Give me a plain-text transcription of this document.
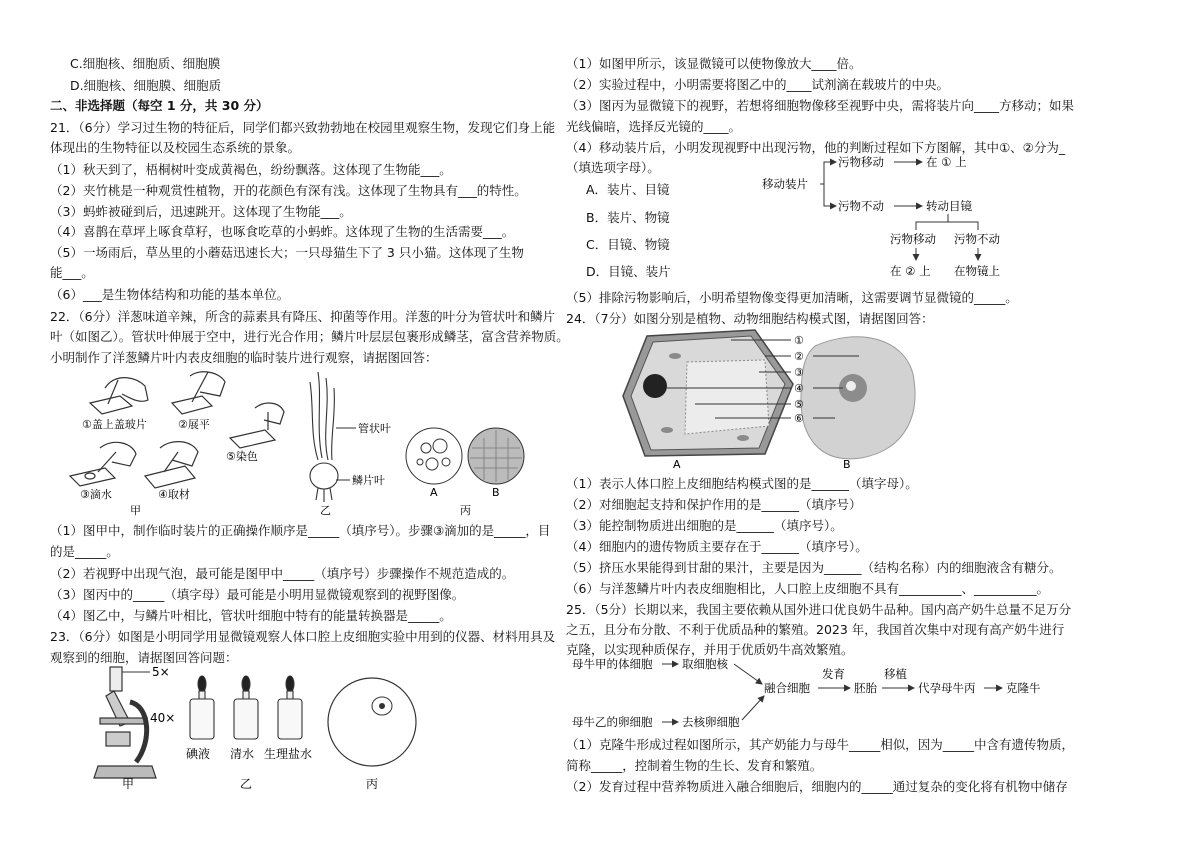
C.细胞核、细胞质、细胞膜
D.细胞核、细胞膜、细胞质
二、非选择题（每空 1 分，共 30 分）
21．（6分）学习过生物的特征后，同学们都兴致勃勃地在校园里观察生物，发现它们身上能
体现出的生物特征以及校园生态系统的景象。
（1）秋天到了，梧桐树叶变成黄褐色，纷纷飘落。这体现了生物能___。
（2）夹竹桃是一种观赏性植物，开的花颜色有深有浅。这体现了生物具有___的特性。
（3）蚂蚱被碰到后，迅速跳开。这体现了生物能___。
（4）喜鹊在草坪上啄食草籽，也啄食吃草的小蚂蚱。这体现了生物的生活需要___。
（5）一场雨后，草丛里的小蘑菇迅速长大；一只母猫生下了 3 只小猫。这体现了生物
能___。
（6）___是生物体结构和功能的基本单位。
22．（6分）洋葱味道辛辣，所含的蒜素具有降压、抑菌等作用。洋葱的叶分为管状叶和鳞片
叶（如图乙）。管状叶伸展于空中，进行光合作用；鳞片叶层层包裹形成鳞茎，富含营养物质。
小明制作了洋葱鳞片叶内表皮细胞的临时装片进行观察，请据图回答：
①盖上盖玻片	②展平
⑤染色
③滴水	④取材
甲
管状叶
鳞片叶
乙
A	B
丙
（1）图甲中，制作临时装片的正确操作顺序是_____（填序号）。步骤③滴加的是_____，目
的是_____。
（2）若视野中出现气泡，最可能是图甲中_____（填序号）步骤操作不规范造成的。
（3）图丙中的_____（填字母）最可能是小明用显微镜观察到的视野图像。
（4）图乙中，与鳞片叶相比，管状叶细胞中特有的能量转换器是_____。
23．（6分）如图是小明同学用显微镜观察人体口腔上皮细胞实验中用到的仪器、材料用具及
观察到的细胞，请据图回答问题：
5×
40×
碘液 清水 生理盐水
甲	乙	丙
（1）如图甲所示，该显微镜可以使物像放大____倍。
（2）实验过程中，小明需要将图乙中的____试剂滴在载玻片的中央。
（3）图丙为显微镜下的视野，若想将细胞物像移至视野中央，需将装片向____方移动；如果
光线偏暗，选择反光镜的____。
（4）移动装片后，小明发现视野中出现污物，他的判断过程如下方图解，其中①、②分为_
（填选项字母）。
A．装片、目镜
B．装片、物镜
C．目镜、物镜
D．目镜、装片
移动装片
污物移动	在 ① 上
污物不动	转动目镜
污物移动 污物不动
在 ② 上 在物镜上
（5）排除污物影响后，小明希望物像变得更加清晰，这需要调节显微镜的_____。
24．（7分）如图分别是植物、动物细胞结构模式图，请据图回答：
①
②
③
④
⑤
⑥
A	B
（1）表示人体口腔上皮细胞结构模式图的是______（填字母）。
（2）对细胞起支持和保护作用的是______（填序号）
（3）能控制物质进出细胞的是______（填序号）。
（4）细胞内的遗传物质主要存在于______（填序号）。
（5）挤压水果能得到甘甜的果汁，主要是因为______（结构名称）内的细胞液含有糖分。
（6）与洋葱鳞片叶内表皮细胞相比，人口腔上皮细胞不具有__________、__________。
25．（5分）长期以来，我国主要依赖从国外进口优良奶牛品种。国内高产奶牛总量不足万分
之五，且分布分散、不利于优质品种的繁殖。2023 年，我国首次集中对现有高产奶牛进行
克隆，以实现种质保存，并用于优质奶牛高效繁殖。
母牛甲的体细胞	取细胞核
融合细胞
发育
胚胎
移植
代孕母牛丙	克隆牛
母牛乙的卵细胞	去核卵细胞
（1）克隆牛形成过程如图所示，其产奶能力与母牛_____相似，因为_____中含有遗传物质，
简称_____，控制着生物的生长、发育和繁殖。
（2）发育过程中营养物质进入融合细胞后，细胞内的_____通过复杂的变化将有机物中储存
